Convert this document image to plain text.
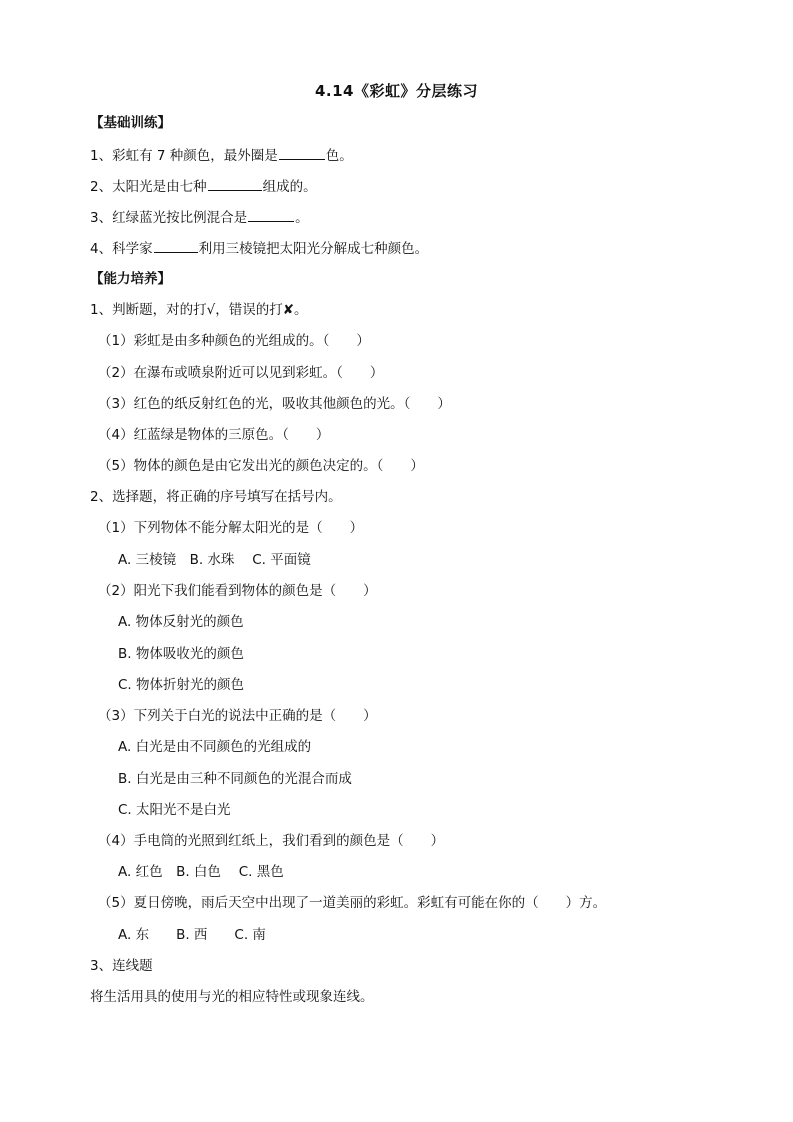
4.14《彩虹》分层练习
【基础训练】
1、彩虹有 7 种颜色，最外圈是	色。
2、太阳光是由七种	组成的。
3、红绿蓝光按比例混合是	。
4、科学家	利用三棱镜把太阳光分解成七种颜色。
【能力培养】
1、判断题，对的打√，错误的打✘。
（1）彩虹是由多种颜色的光组成的。（　　）
（2）在瀑布或喷泉附近可以见到彩虹。（　　）
（3）红色的纸反射红色的光，吸收其他颜色的光。（　　）
（4）红蓝绿是物体的三原色。（　　）
（5）物体的颜色是由它发出光的颜色决定的。（　　）
2、选择题，将正确的序号填写在括号内。
（1）下列物体不能分解太阳光的是（　　）
A. 三棱镜　B. 水珠　 C. 平面镜
（2）阳光下我们能看到物体的颜色是（　　）
A. 物体反射光的颜色
B. 物体吸收光的颜色
C. 物体折射光的颜色
（3）下列关于白光的说法中正确的是（　　）
A. 白光是由不同颜色的光组成的
B. 白光是由三种不同颜色的光混合而成
C. 太阳光不是白光
（4）手电筒的光照到红纸上，我们看到的颜色是（　　）
A. 红色　B. 白色　 C. 黑色
（5）夏日傍晚，雨后天空中出现了一道美丽的彩虹。彩虹有可能在你的（　　）方。
A. 东　　B. 西　　C. 南
3、连线题
将生活用具的使用与光的相应特性或现象连线。
